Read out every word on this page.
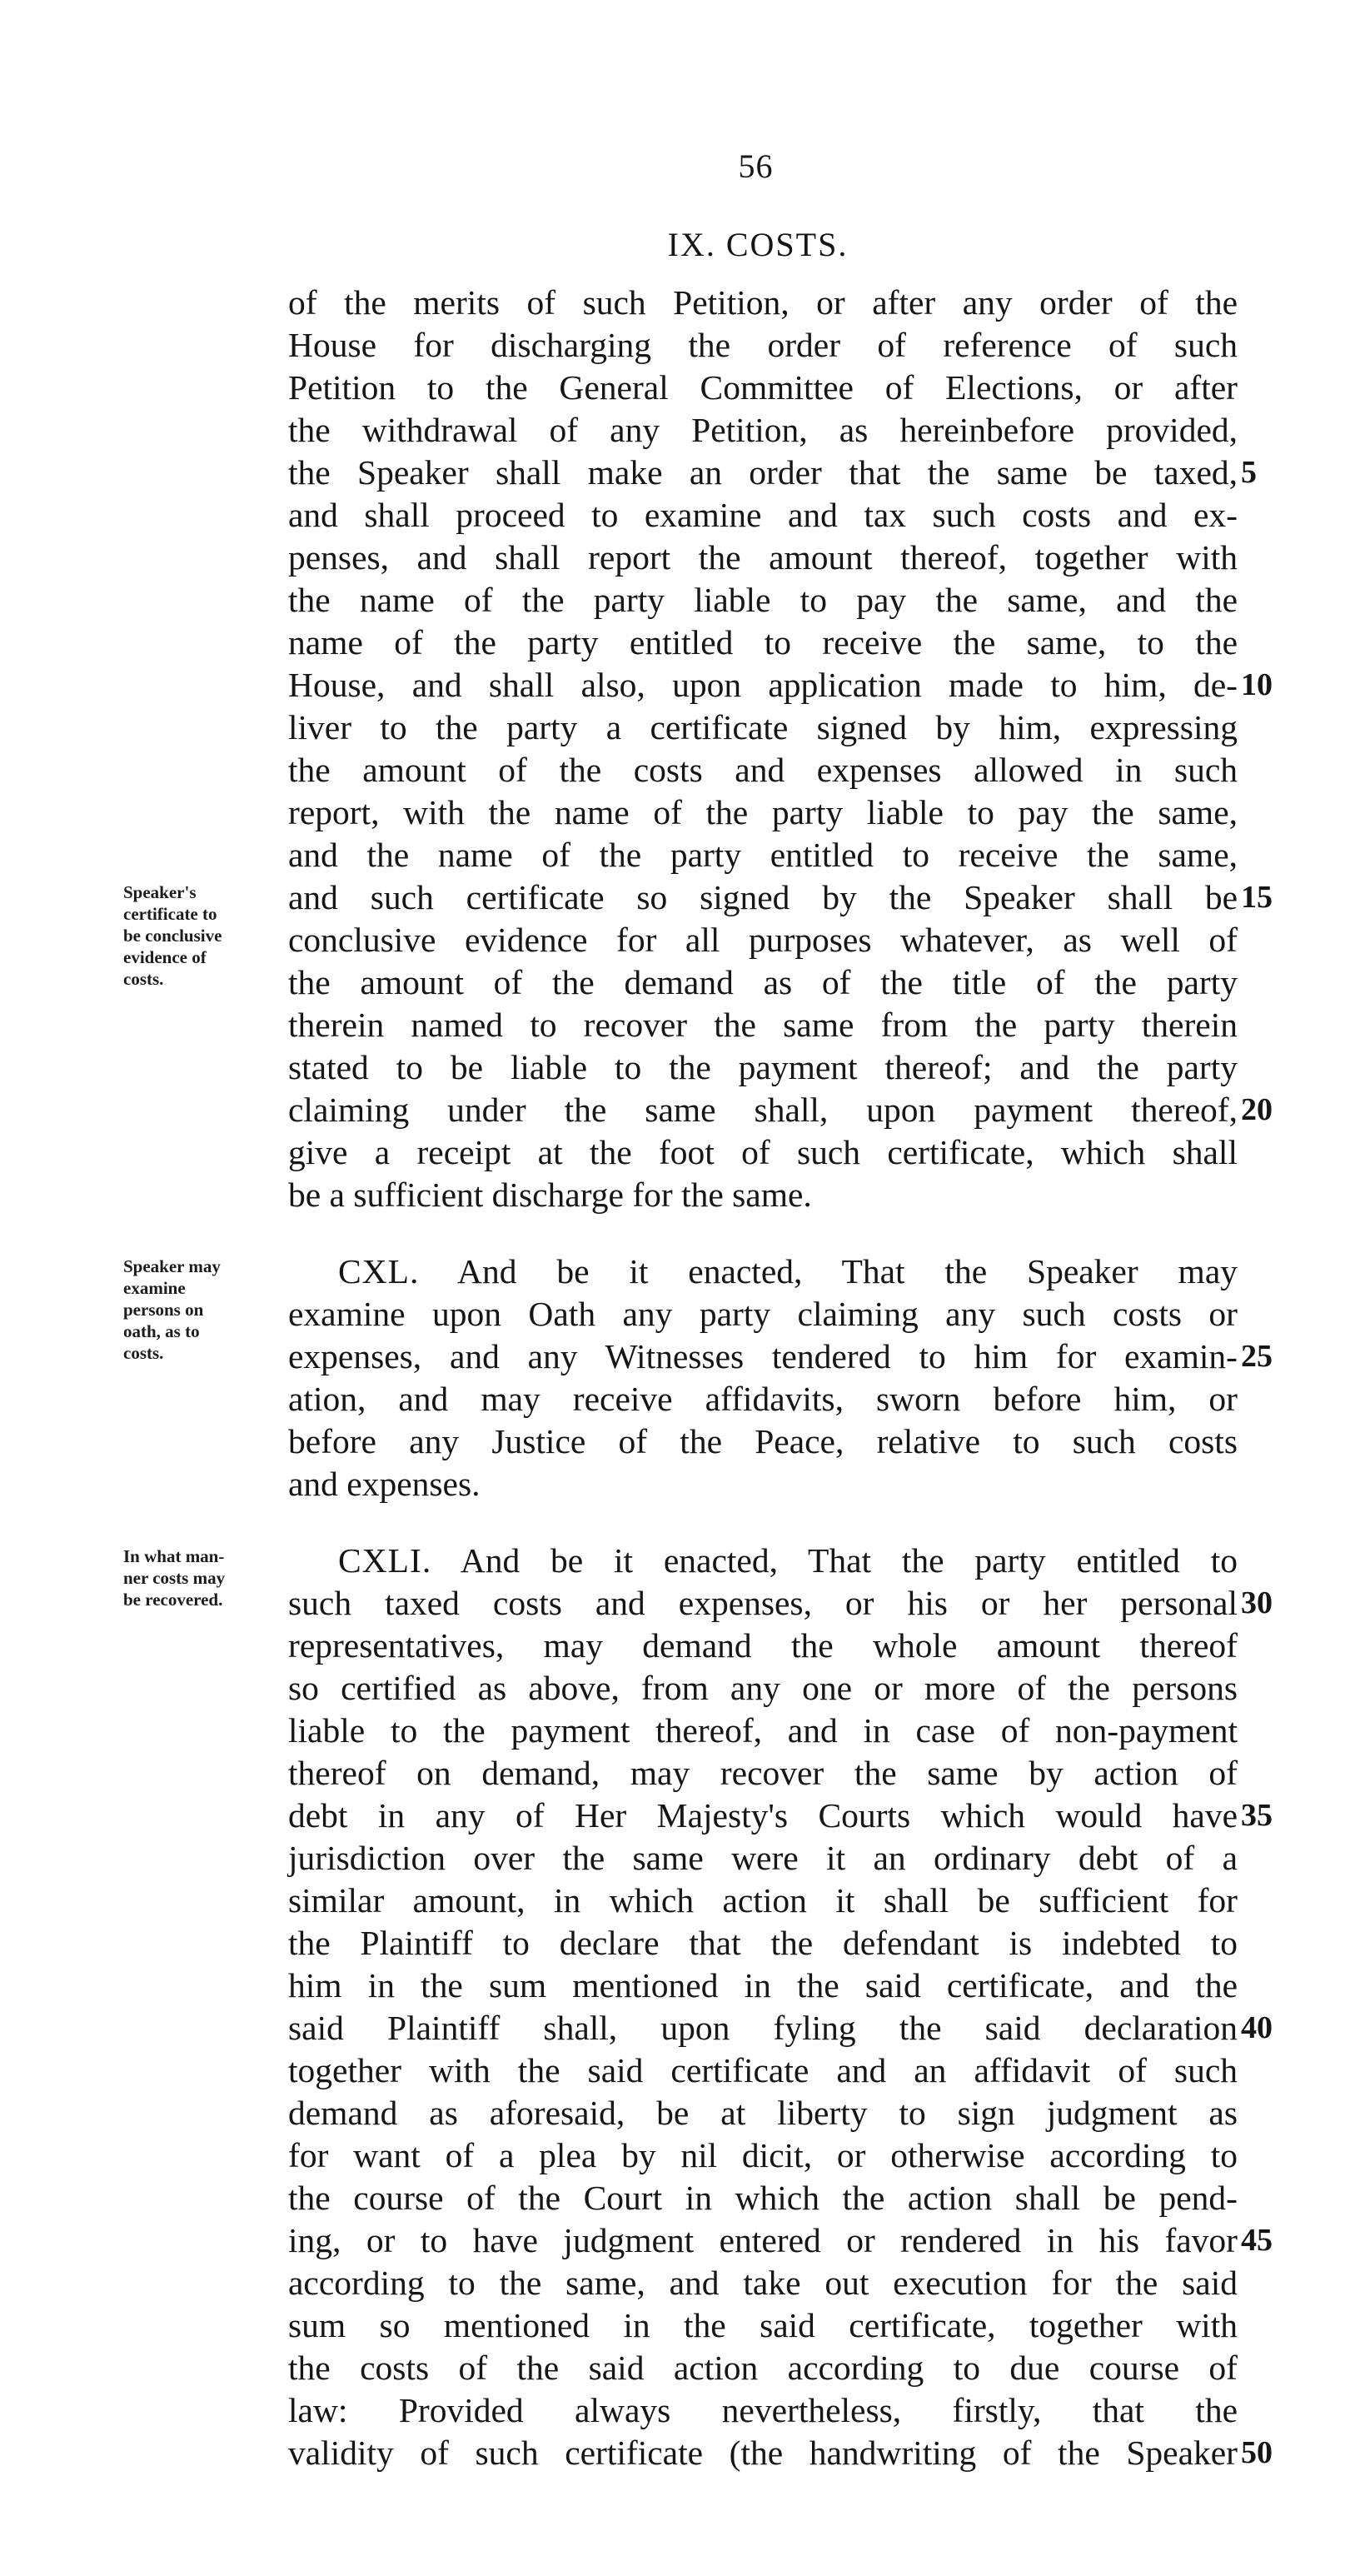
56
IX. COSTS.
of the merits of such Petition, or after any order of the
House for discharging the order of reference of such
Petition to the General Committee of Elections, or after
the withdrawal of any Petition, as hereinbefore provided,
the Speaker shall make an order that the same be taxed,
and shall proceed to examine and tax such costs and ex-
penses, and shall report the amount thereof, together with
the name of the party liable to pay the same, and the
name of the party entitled to receive the same, to the
House, and shall also, upon application made to him, de-
liver to the party a certificate signed by him, expressing
the amount of the costs and expenses allowed in such
report, with the name of the party liable to pay the same,
and the name of the party entitled to receive the same,
and such certificate so signed by the Speaker shall be
conclusive evidence for all purposes whatever, as well of
the amount of the demand as of the title of the party
therein named to recover the same from the party therein
stated to be liable to the payment thereof; and the party
claiming under the same shall, upon payment thereof,
give a receipt at the foot of such certificate, which shall
be a sufficient discharge for the same.
CXL. And be it enacted, That the Speaker may
examine upon Oath any party claiming any such costs or
expenses, and any Witnesses tendered to him for examin-
ation, and may receive affidavits, sworn before him, or
before any Justice of the Peace, relative to such costs
and expenses.
CXLI. And be it enacted, That the party entitled to
such taxed costs and expenses, or his or her personal
representatives, may demand the whole amount thereof
so certified as above, from any one or more of the persons
liable to the payment thereof, and in case of non-payment
thereof on demand, may recover the same by action of
debt in any of Her Majesty's Courts which would have
jurisdiction over the same were it an ordinary debt of a
similar amount, in which action it shall be sufficient for
the Plaintiff to declare that the defendant is indebted to
him in the sum mentioned in the said certificate, and the
said Plaintiff shall, upon fyling the said declaration
together with the said certificate and an affidavit of such
demand as aforesaid, be at liberty to sign judgment as
for want of a plea by nil dicit, or otherwise according to
the course of the Court in which the action shall be pend-
ing, or to have judgment entered or rendered in his favor
according to the same, and take out execution for the said
sum so mentioned in the said certificate, together with
the costs of the said action according to due course of
law: Provided always nevertheless, firstly, that the
validity of such certificate (the handwriting of the Speaker
5
10
15
20
25
30
35
40
45
50
Speaker's
certificate to
be conclusive
evidence of
costs.
Speaker may
examine
persons on
oath, as to
costs.
In what man-
ner costs may
be recovered.
